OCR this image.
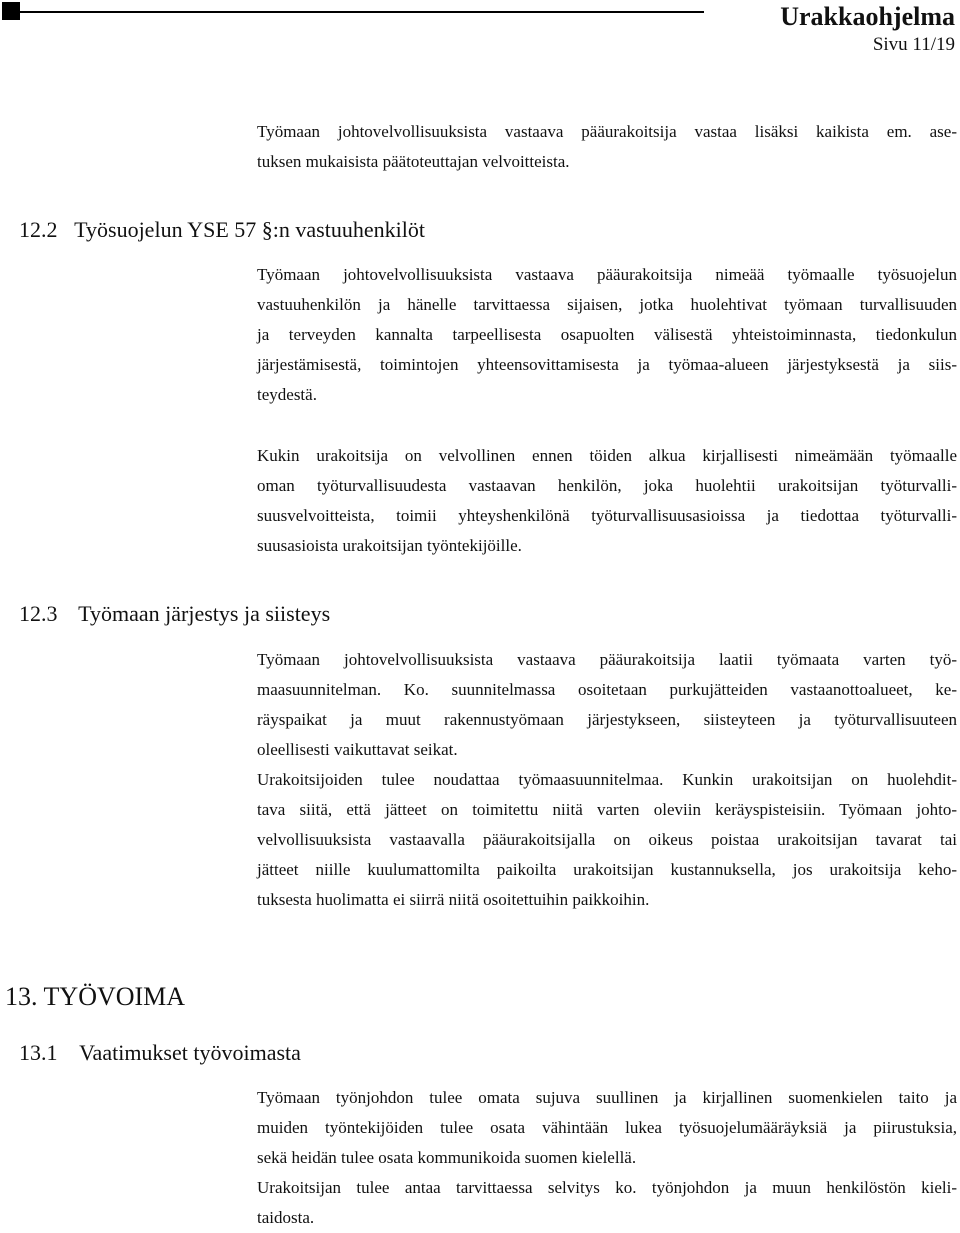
Urakkaohjelma
Sivu 11/19

Työmaan johtovelvollisuuksista vastaava pääurakoitsija vastaa lisäksi kaikista em. ase-
tuksen mukaisista päätoteuttajan velvoitteista.

12.2 Työsuojelun YSE 57 §:n vastuuhenkilöt

Työmaan johtovelvollisuuksista vastaava pääurakoitsija nimeää työmaalle työsuojelun
vastuuhenkilön ja hänelle tarvittaessa sijaisen, jotka huolehtivat työmaan turvallisuuden
ja terveyden kannalta tarpeellisesta osapuolten välisestä yhteistoiminnasta, tiedonkulun
järjestämisestä, toimintojen yhteensovittamisesta ja työmaa-alueen järjestyksestä ja siis-
teydestä.

Kukin urakoitsija on velvollinen ennen töiden alkua kirjallisesti nimeämään työmaalle
oman työturvallisuudesta vastaavan henkilön, joka huolehtii urakoitsijan työturvalli-
suusvelvoitteista, toimii yhteyshenkilönä työturvallisuusasioissa ja tiedottaa työturvalli-
suusasioista urakoitsijan työntekijöille.

12.3 Työmaan järjestys ja siisteys

Työmaan johtovelvollisuuksista vastaava pääurakoitsija laatii työmaata varten työ-
maasuunnitelman. Ko. suunnitelmassa osoitetaan purkujätteiden vastaanottoalueet, ke-
räyspaikat ja muut rakennustyömaan järjestykseen, siisteyteen ja työturvallisuuteen
oleellisesti vaikuttavat seikat.
Urakoitsijoiden tulee noudattaa työmaasuunnitelmaa. Kunkin urakoitsijan on huolehdit-
tava siitä, että jätteet on toimitettu niitä varten oleviin keräyspisteisiin. Työmaan johto-
velvollisuuksista vastaavalla pääurakoitsijalla on oikeus poistaa urakoitsijan tavarat tai
jätteet niille kuulumattomilta paikoilta urakoitsijan kustannuksella, jos urakoitsija keho-
tuksesta huolimatta ei siirrä niitä osoitettuihin paikkoihin.

13. TYÖVOIMA
13.1 Vaatimukset työvoimasta

Työmaan työnjohdon tulee omata sujuva suullinen ja kirjallinen suomenkielen taito ja
muiden työntekijöiden tulee osata vähintään lukea työsuojelumääräyksiä ja piirustuksia,
sekä heidän tulee osata kommunikoida suomen kielellä.
Urakoitsijan tulee antaa tarvittaessa selvitys ko. työnjohdon ja muun henkilöstön kieli-
taidosta.
